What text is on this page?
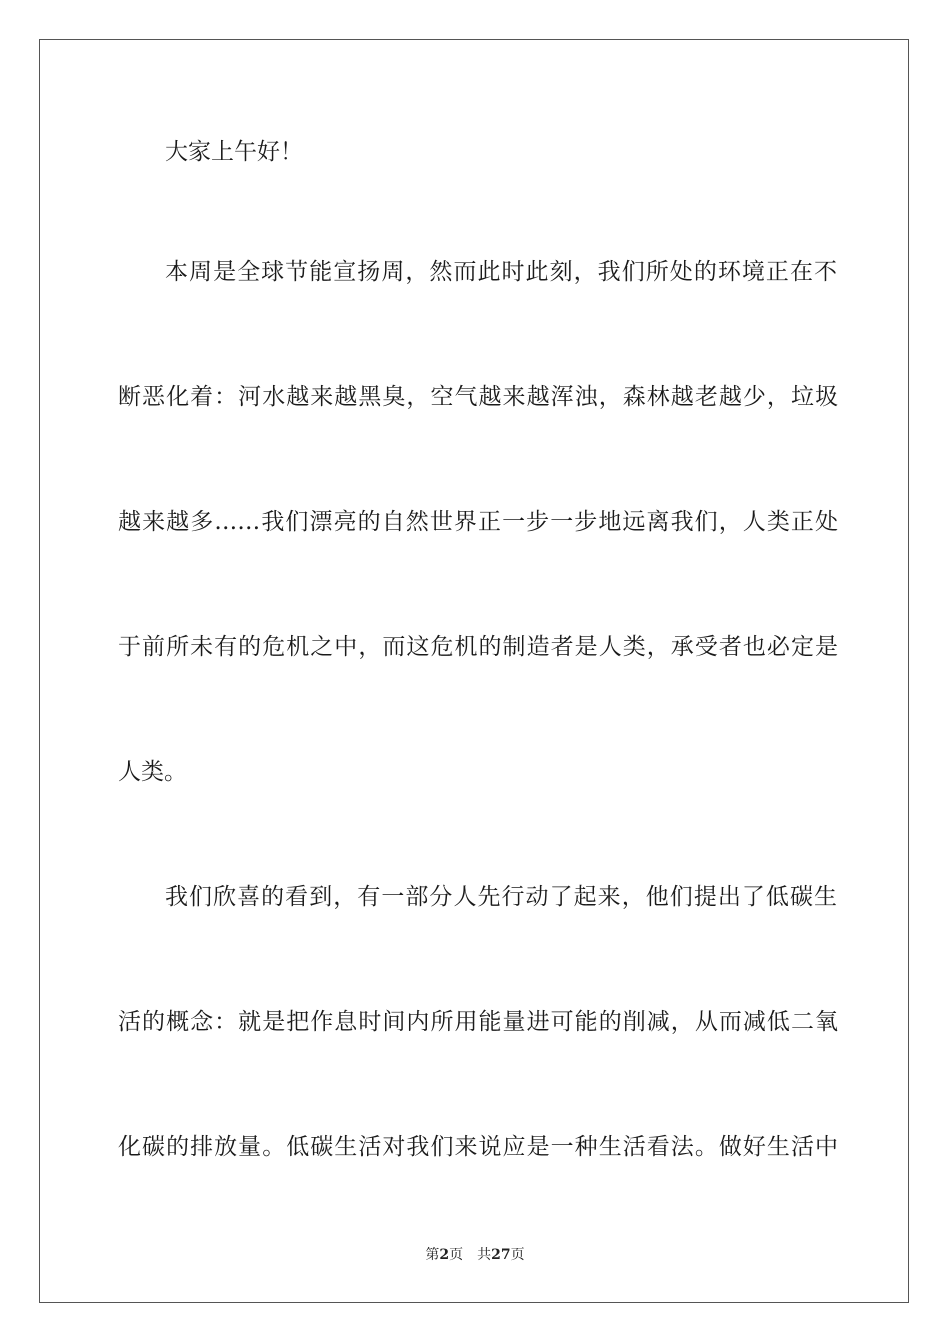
大家上午好！
本周是全球节能宣扬周，然而此时此刻，我们所处的环境正在不
断恶化着：河水越来越黑臭，空气越来越浑浊，森林越老越少，垃圾
越来越多……我们漂亮的自然世界正一步一步地远离我们，人类正处
于前所未有的危机之中，而这危机的制造者是人类，承受者也必定是
人类。
我们欣喜的看到，有一部分人先行动了起来，他们提出了低碳生
活的概念：就是把作息时间内所用能量进可能的削减，从而减低二氧
化碳的排放量。低碳生活对我们来说应是一种生活看法。做好生活中
第2页 共27页
